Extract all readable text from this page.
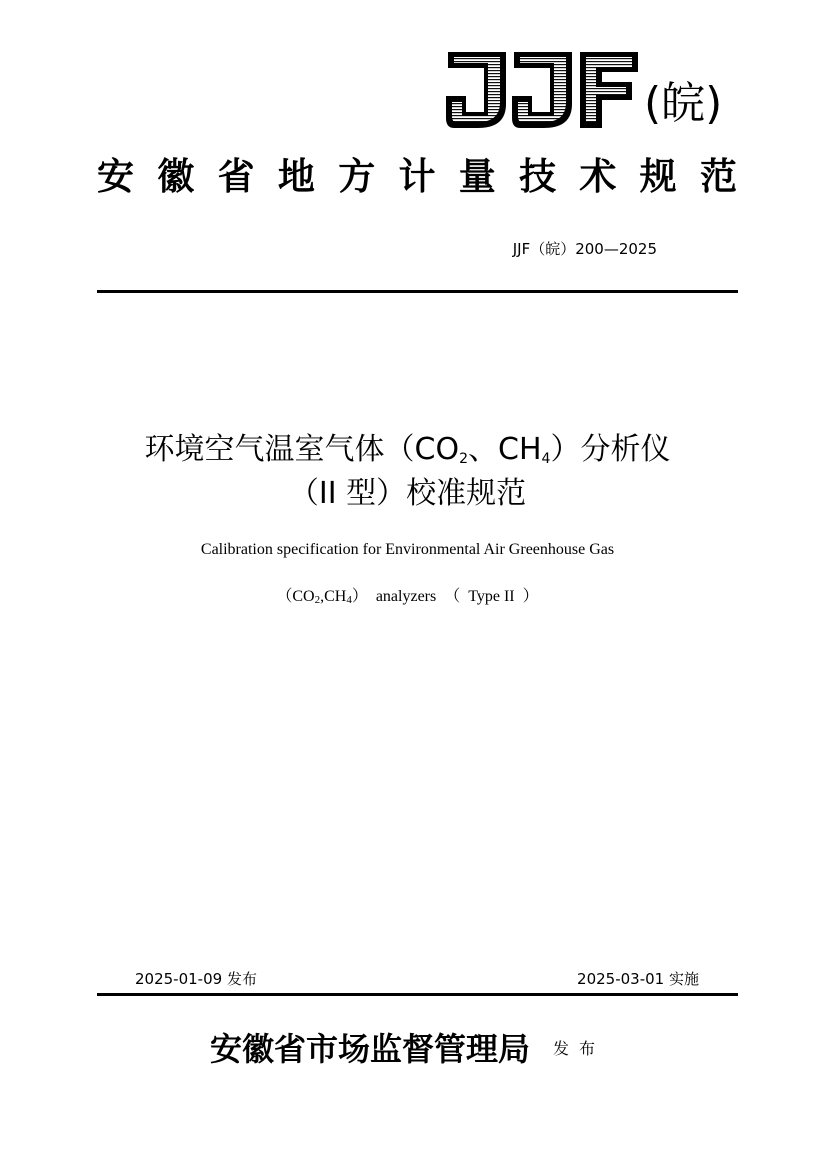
(皖)
安 徽 省 地 方 计 量 技 术 规 范
JJF（皖）200—2025
环境空气温室气体（$CO_2$、$CH_4$）分析仪
（II 型）校准规范
Calibration specification for Environmental Air Greenhouse Gas
$(CO_2,CH_4)$  analyzers  （  Type II  ）
2025-01-09 发布	2025-03-01 实施
安徽省市场监督管理局 发布
